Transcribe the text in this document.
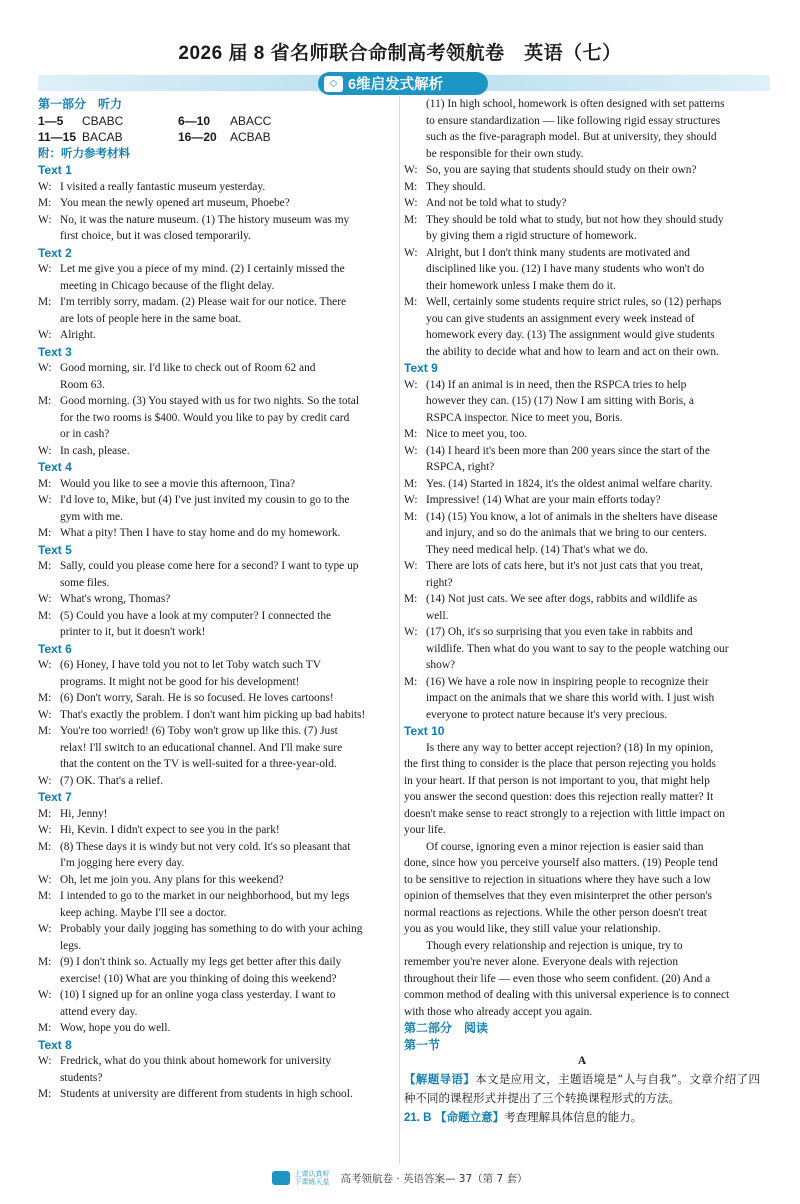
2026 届 8 省名师联合命制高考领航卷　英语（七）
◇ 6维启发式解析
第一部分　听力
1—5	CBABC	6—10	ABACC
11—15 BACAB	16—20	ACBAB
附：听力参考材料
Text 1
W: I visited a really fantastic museum yesterday.
M: You mean the newly opened art museum, Phoebe?
W: No, it was the nature museum. (1) The history museum was my
first choice, but it was closed temporarily.
Text 2
W: Let me give you a piece of my mind. (2) I certainly missed the
meeting in Chicago because of the flight delay.
M: I'm terribly sorry, madam. (2) Please wait for our notice. There
are lots of people here in the same boat.
W: Alright.
Text 3
W: Good morning, sir. I'd like to check out of Room 62 and
Room 63.
M: Good morning. (3) You stayed with us for two nights. So the total
for the two rooms is $400. Would you like to pay by credit card
or in cash?
W: In cash, please.
Text 4
M: Would you like to see a movie this afternoon, Tina?
W: I'd love to, Mike, but (4) I've just invited my cousin to go to the
gym with me.
M: What a pity! Then I have to stay home and do my homework.
Text 5
M: Sally, could you please come here for a second? I want to type up
some files.
W: What's wrong, Thomas?
M: (5) Could you have a look at my computer? I connected the
printer to it, but it doesn't work!
Text 6
W: (6) Honey, I have told you not to let Toby watch such TV
programs. It might not be good for his development!
M: (6) Don't worry, Sarah. He is so focused. He loves cartoons!
W: That's exactly the problem. I don't want him picking up bad habits!
M: You're too worried! (6) Toby won't grow up like this. (7) Just
relax! I'll switch to an educational channel. And I'll make sure
that the content on the TV is well-suited for a three-year-old.
W: (7) OK. That's a relief.
Text 7
M: Hi, Jenny!
W: Hi, Kevin. I didn't expect to see you in the park!
M: (8) These days it is windy but not very cold. It's so pleasant that
I'm jogging here every day.
W: Oh, let me join you. Any plans for this weekend?
M: I intended to go to the market in our neighborhood, but my legs
keep aching. Maybe I'll see a doctor.
W: Probably your daily jogging has something to do with your aching
legs.
M: (9) I don't think so. Actually my legs get better after this daily
exercise! (10) What are you thinking of doing this weekend?
W: (10) I signed up for an online yoga class yesterday. I want to
attend every day.
M: Wow, hope you do well.
Text 8
W: Fredrick, what do you think about homework for university
students?
M: Students at university are different from students in high school.
(11) In high school, homework is often designed with set patterns
to ensure standardization — like following rigid essay structures
such as the five-paragraph model. But at university, they should
be responsible for their own study.
W: So, you are saying that students should study on their own?
M: They should.
W: And not be told what to study?
M: They should be told what to study, but not how they should study
by giving them a rigid structure of homework.
W: Alright, but I don't think many students are motivated and
disciplined like you. (12) I have many students who won't do
their homework unless I make them do it.
M: Well, certainly some students require strict rules, so (12) perhaps
you can give students an assignment every week instead of
homework every day. (13) The assignment would give students
the ability to decide what and how to learn and act on their own.
Text 9
W: (14) If an animal is in need, then the RSPCA tries to help
however they can. (15) (17) Now I am sitting with Boris, a
RSPCA inspector. Nice to meet you, Boris.
M: Nice to meet you, too.
W: (14) I heard it's been more than 200 years since the start of the
RSPCA, right?
M: Yes. (14) Started in 1824, it's the oldest animal welfare charity.
W: Impressive! (14) What are your main efforts today?
M: (14) (15) You know, a lot of animals in the shelters have disease
and injury, and so do the animals that we bring to our centers.
They need medical help. (14) That's what we do.
W: There are lots of cats here, but it's not just cats that you treat,
right?
M: (14) Not just cats. We see after dogs, rabbits and wildlife as
well.
W: (17) Oh, it's so surprising that you even take in rabbits and
wildlife. Then what do you want to say to the people watching our
show?
M: (16) We have a role now in inspiring people to recognize their
impact on the animals that we share this world with. I just wish
everyone to protect nature because it's very precious.
Text 10
Is there any way to better accept rejection? (18) In my opinion,
the first thing to consider is the place that person rejecting you holds
in your heart. If that person is not important to you, that might help
you answer the second question: does this rejection really matter? It
doesn't make sense to react strongly to a rejection with little impact on
your life.
Of course, ignoring even a minor rejection is easier said than
done, since how you perceive yourself also matters. (19) People tend
to be sensitive to rejection in situations where they have such a low
opinion of themselves that they even misinterpret the other person's
normal reactions as rejections. While the other person doesn't treat
you as you would like, they still value your relationship.
Though every relationship and rejection is unique, try to
remember you're never alone. Everyone deals with rejection
throughout their life — even those who seem confident. (20) And a
common method of dealing with this universal experience is to connect
with those who already accept you again.
第二部分　阅读
第一节
A
【解题导语】本文是应用文，主题语境是“人与自我”。文章介绍了四种不同的课程形式并提出了三个转换课程形式的方法。
21. B 【命题立意】考查理解具体信息的能力。
上课认真听 下课练天星 高考领航卷 · 英语答案— 37（第 7 套）
